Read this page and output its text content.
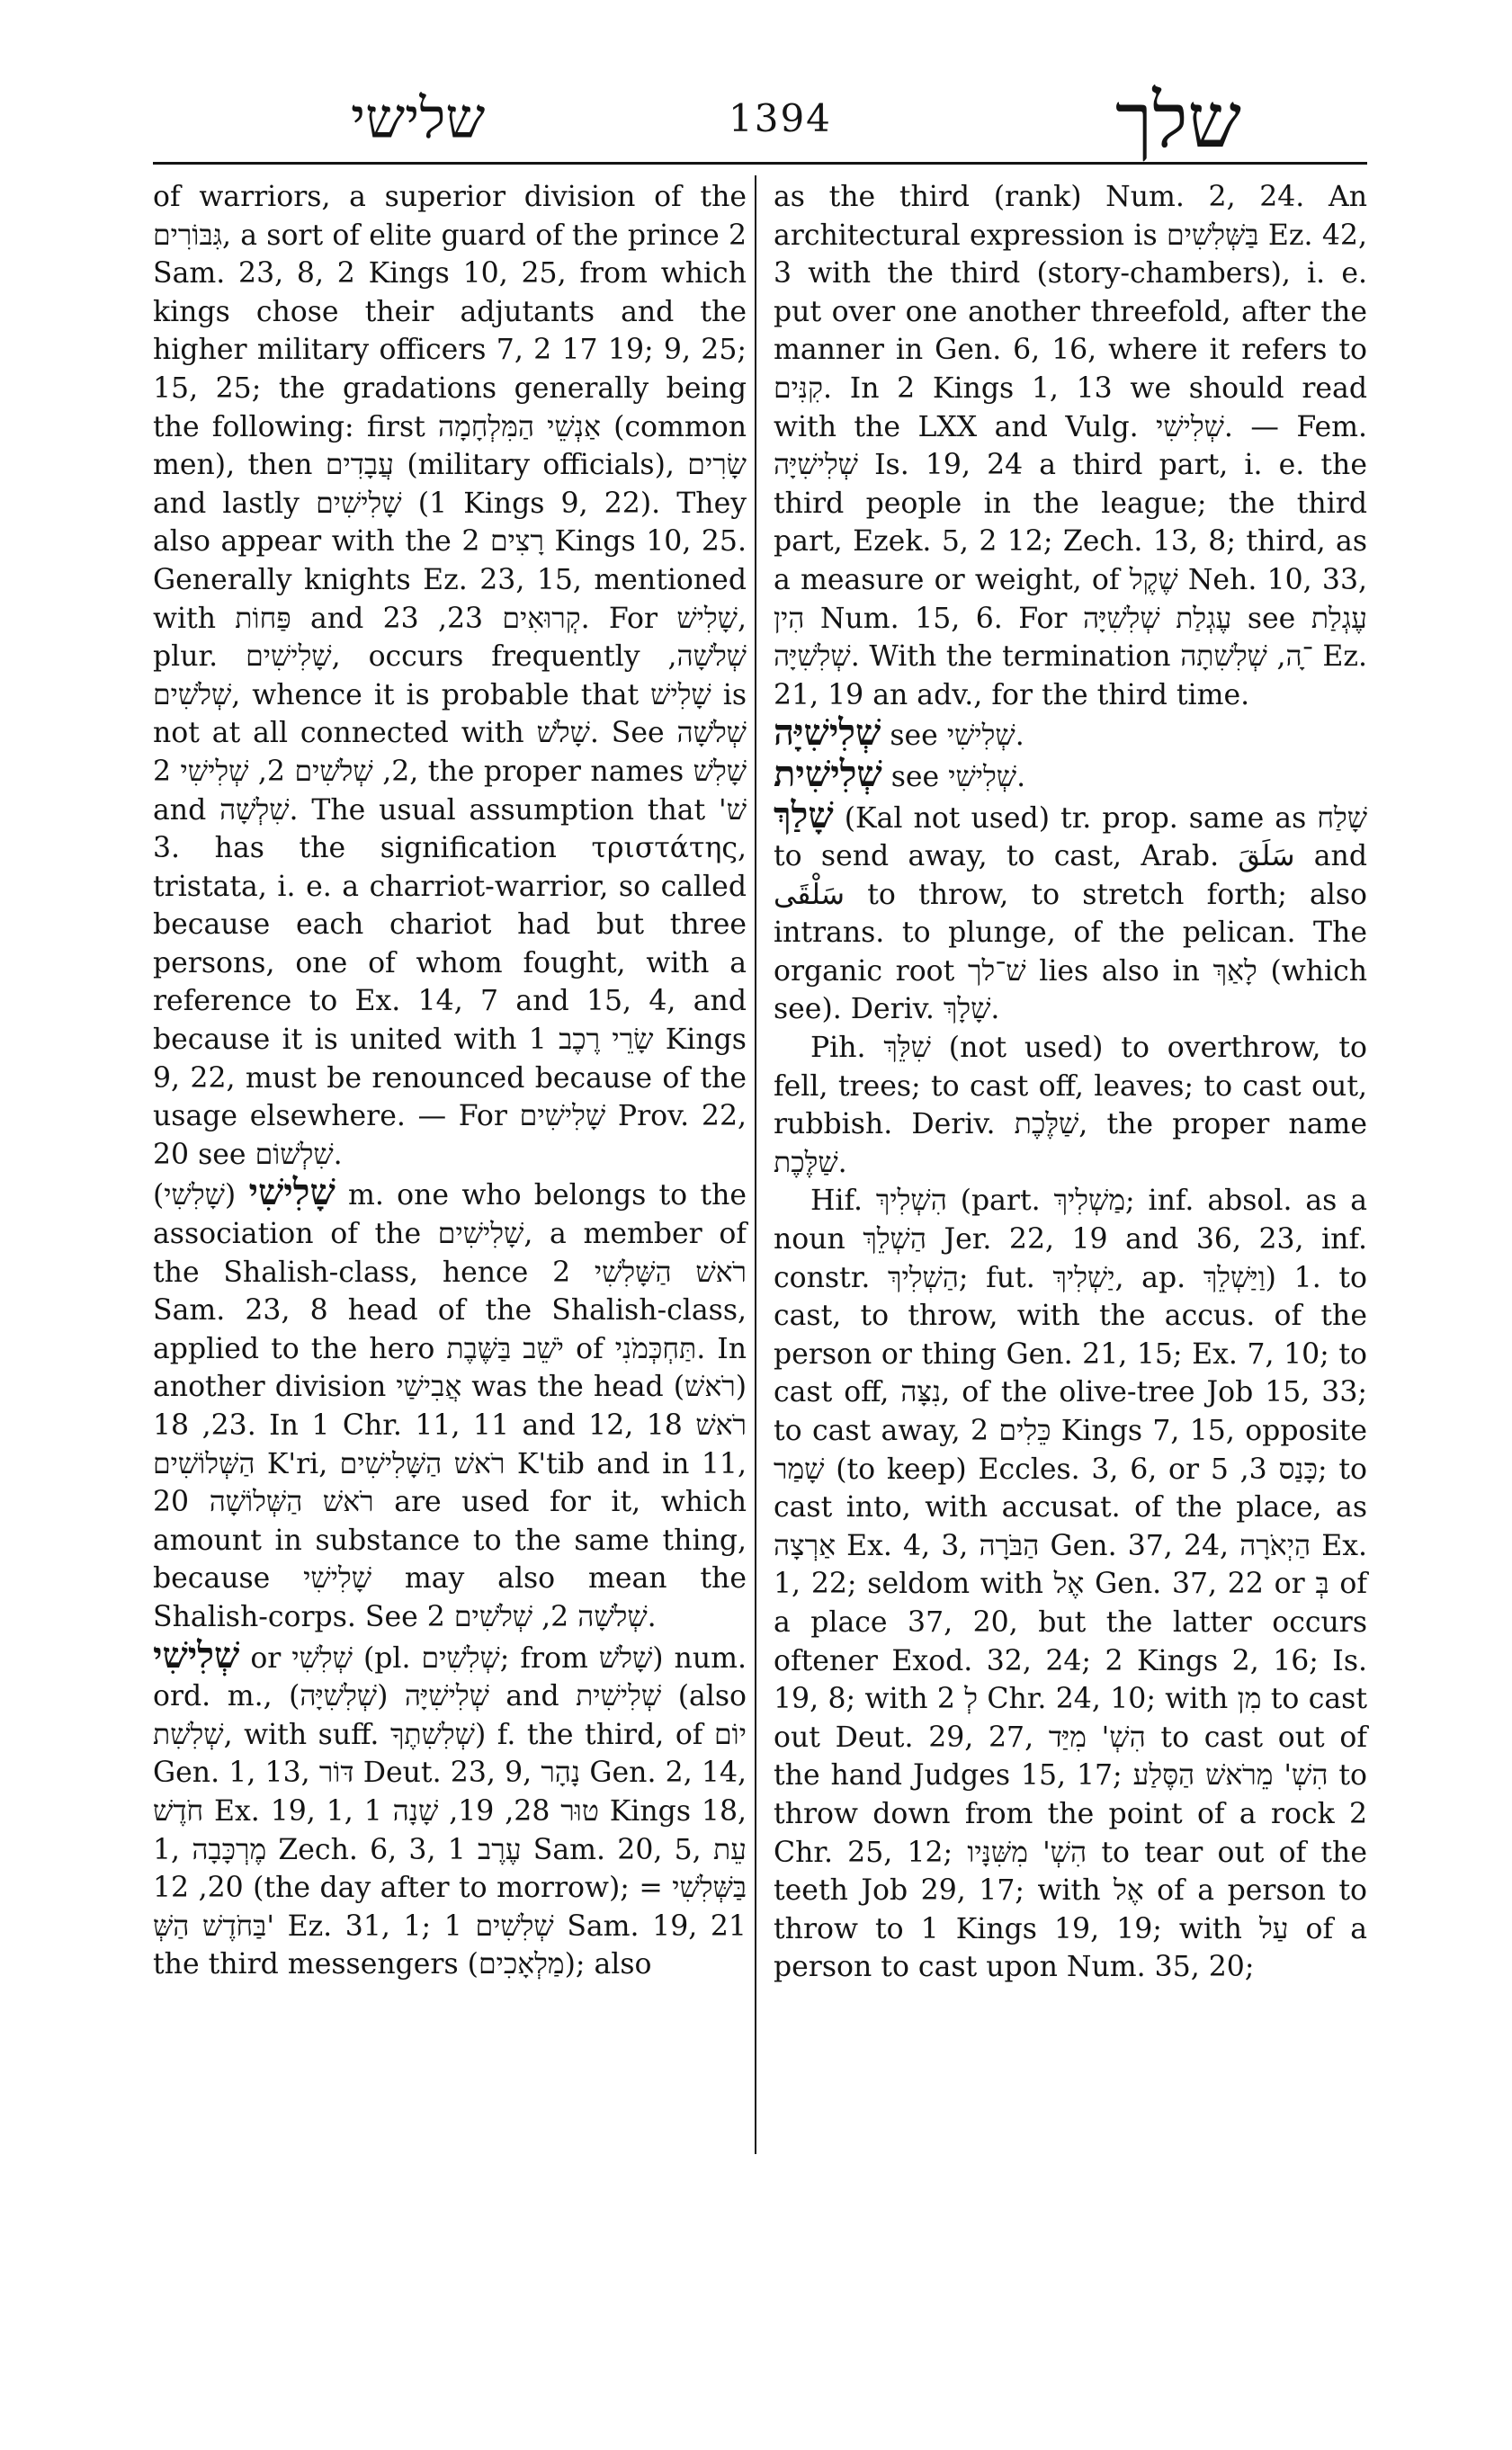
שלישי	1394	שלך

of warriors, a superior division of the גִּבּוֹרִים, a sort of elite guard of the prince 2 Sam. 23, 8, 2 Kings 10, 25, from which kings chose their adjutants and the higher military officers 7, 2 17 19; 9, 25; 15, 25; the gradations generally being the following: first אַנְשֵׁי הַמִּלְחָמָה (common men), then עֲבָדִים (military officials), שָׂרִים and lastly שָׁלִישִׁים (1 Kings 9, 22). They also appear with the רָצִים 2 Kings 10, 25. Generally knights Ez. 23, 15, mentioned with פַּחוֹת and קְרוּאִים 23, 23. For שָׁלִישׁ, plur. שָׁלִישִׁים, occurs frequently שְׁלֹשָׁה, שְׁלֹשִׁים, whence it is probable that שָׁלִישׁ is not at all connected with שָׁלֹשׁ. See שְׁלֹשָׁה 2, שְׁלֹשִׁים 2, שְׁלִישִׁי 2, the proper names שָׁלִשׁ and שִׁלְשָׁה. The usual assumption that 'שׁ 3. has the signification τριστάτης, tristata, i. e. a charriot-warrior, so called because each chariot had but three persons, one of whom fought, with a reference to Ex. 14, 7 and 15, 4, and because it is united with שָׂרֵי רֶכֶב 1 Kings 9, 22, must be renounced because of the usage elsewhere. — For שָׁלִישִׁים Prov. 22, 20 see שִׁלְשׁוֹם.

שָׁלִישִׁי (שָׁלִשִׁי) m. one who belongs to the association of the שָׁלִישִׁים, a member of the Shalish-class, hence רֹאשׁ הַשָּׁלִשִׁי 2 Sam. 23, 8 head of the Shalish-class, applied to the hero יֹשֵׁב בַּשֶּׁבֶת of תַּחְכְּמֹנִי. In another division אֲבִישַׁי was the head (רֹאשׁ) 23, 18. In 1 Chr. 11, 11 and 12, 18 רֹאשׁ הַשְּׁלוֹשִׁים K'ri, רֹאשׁ הַשָּׁלִישִׁים K'tib and in 11, 20 רֹאשׁ הַשְּׁלוֹשָׁה are used for it, which amount in substance to the same thing, because שָׁלִישִׁי may also mean the Shalish-corps. See שְׁלֹשָׁה 2, שְׁלֹשִׁים 2.

שְׁלִישִׁי or שְׁלִשִׁי (pl. שְׁלִשִׁים; from שָׁלֹשׁ) num. ord. m., (שְׁלִשִׁיָּה) שְׁלִישִׁיָּה and שְׁלִישִׁית (also שְׁלִשִׁת, with suff. שְׁלִשִׁתֶךָ) f. the third, of יוֹם Gen. 1, 13, דּוֹר Deut. 23, 9, נָהָר Gen. 2, 14, חֹדֶשׁ Ex. 19, 1, טוּר 28, 19, שָׁנָה 1 Kings 18, 1, מֶרְכָּבָה Zech. 6, 3, עֶרֶב 1 Sam. 20, 5, עֵת 20, 12 (the day after to morrow); בַּשְּׁלִשִׁי = בַּחֹדֶשׁ הַשְּׁ' Ez. 31, 1; שְׁלִשִׁים 1 Sam. 19, 21 the third messengers (מַלְאָכִים); also

as the third (rank) Num. 2, 24. An architectural expression is בַּשְּׁלִשִׁים Ez. 42, 3 with the third (story-chambers), i. e. put over one another threefold, after the manner in Gen. 6, 16, where it refers to קִנִּים. In 2 Kings 1, 13 we should read with the LXX and Vulg. שְׁלִישִׁי. — Fem. שְׁלִישִׁיָּה Is. 19, 24 a third part, i. e. the third people in the league; the third part, Ezek. 5, 2 12; Zech. 13, 8; third, as a measure or weight, of שֶׁקֶל Neh. 10, 33, הִין Num. 15, 6. For עֶגְלַת שְׁלִשִׁיָּה see עֶגְלַת שְׁלִשִׁיָּה. With the termination ־ָה, שְׁלִשִׁתָה Ez. 21, 19 an adv., for the third time.

שְׁלִישִׁיָּה see שְׁלִישִׁי.

שְׁלִישִׁית see שְׁלִישִׁי.

שָׁלַךְ (Kal not used) tr. prop. same as שָׁלַח to send away, to cast, Arab. سَلَقَ and سَلْقَى to throw, to stretch forth; also intrans. to plunge, of the pelican. The organic root שׁ־לך lies also in לָאַךְ (which see). Deriv. שָׁלָךְ.

Pih. שִׁלֵּךְ (not used) to overthrow, to fell, trees; to cast off, leaves; to cast out, rubbish. Deriv. שַׁלֶּכֶת, the proper name שַׁלֶּכֶת.

Hif. הִשְׁלִיךְ (part. מַשְׁלִיךְ; inf. absol. as a noun הַשְׁלֵךְ Jer. 22, 19 and 36, 23, inf. constr. הַשְׁלִיךְ; fut. יַשְׁלִיךְ, ap. וַיַּשְׁלֵךְ) 1. to cast, to throw, with the accus. of the person or thing Gen. 21, 15; Ex. 7, 10; to cast off, נִצָּה, of the olive-tree Job 15, 33; to cast away, כֵּלִים 2 Kings 7, 15, opposite שָׁמַר (to keep) Eccles. 3, 6, or כָּנַס 3, 5; to cast into, with accusat. of the place, as אַרְצָה Ex. 4, 3, הַבֹּרָה Gen. 37, 24, הַיְאֹרָה Ex. 1, 22; seldom with אֶל Gen. 37, 22 or בְּ of a place 37, 20, but the latter occurs oftener Exod. 32, 24; 2 Kings 2, 16; Is. 19, 8; with לְ 2 Chr. 24, 10; with מִן to cast out Deut. 29, 27, הִשְׁ' מִיַּד to cast out of the hand Judges 15, 17; הִשְׁ' מֵרֹאשׁ הַסֶּלַע to throw down from the point of a rock 2 Chr. 25, 12; הִשְׁ' מִשִּׁנָּיו to tear out of the teeth Job 29, 17; with אֶל of a person to throw to 1 Kings 19, 19; with עַל of a person to cast upon Num. 35, 20;
